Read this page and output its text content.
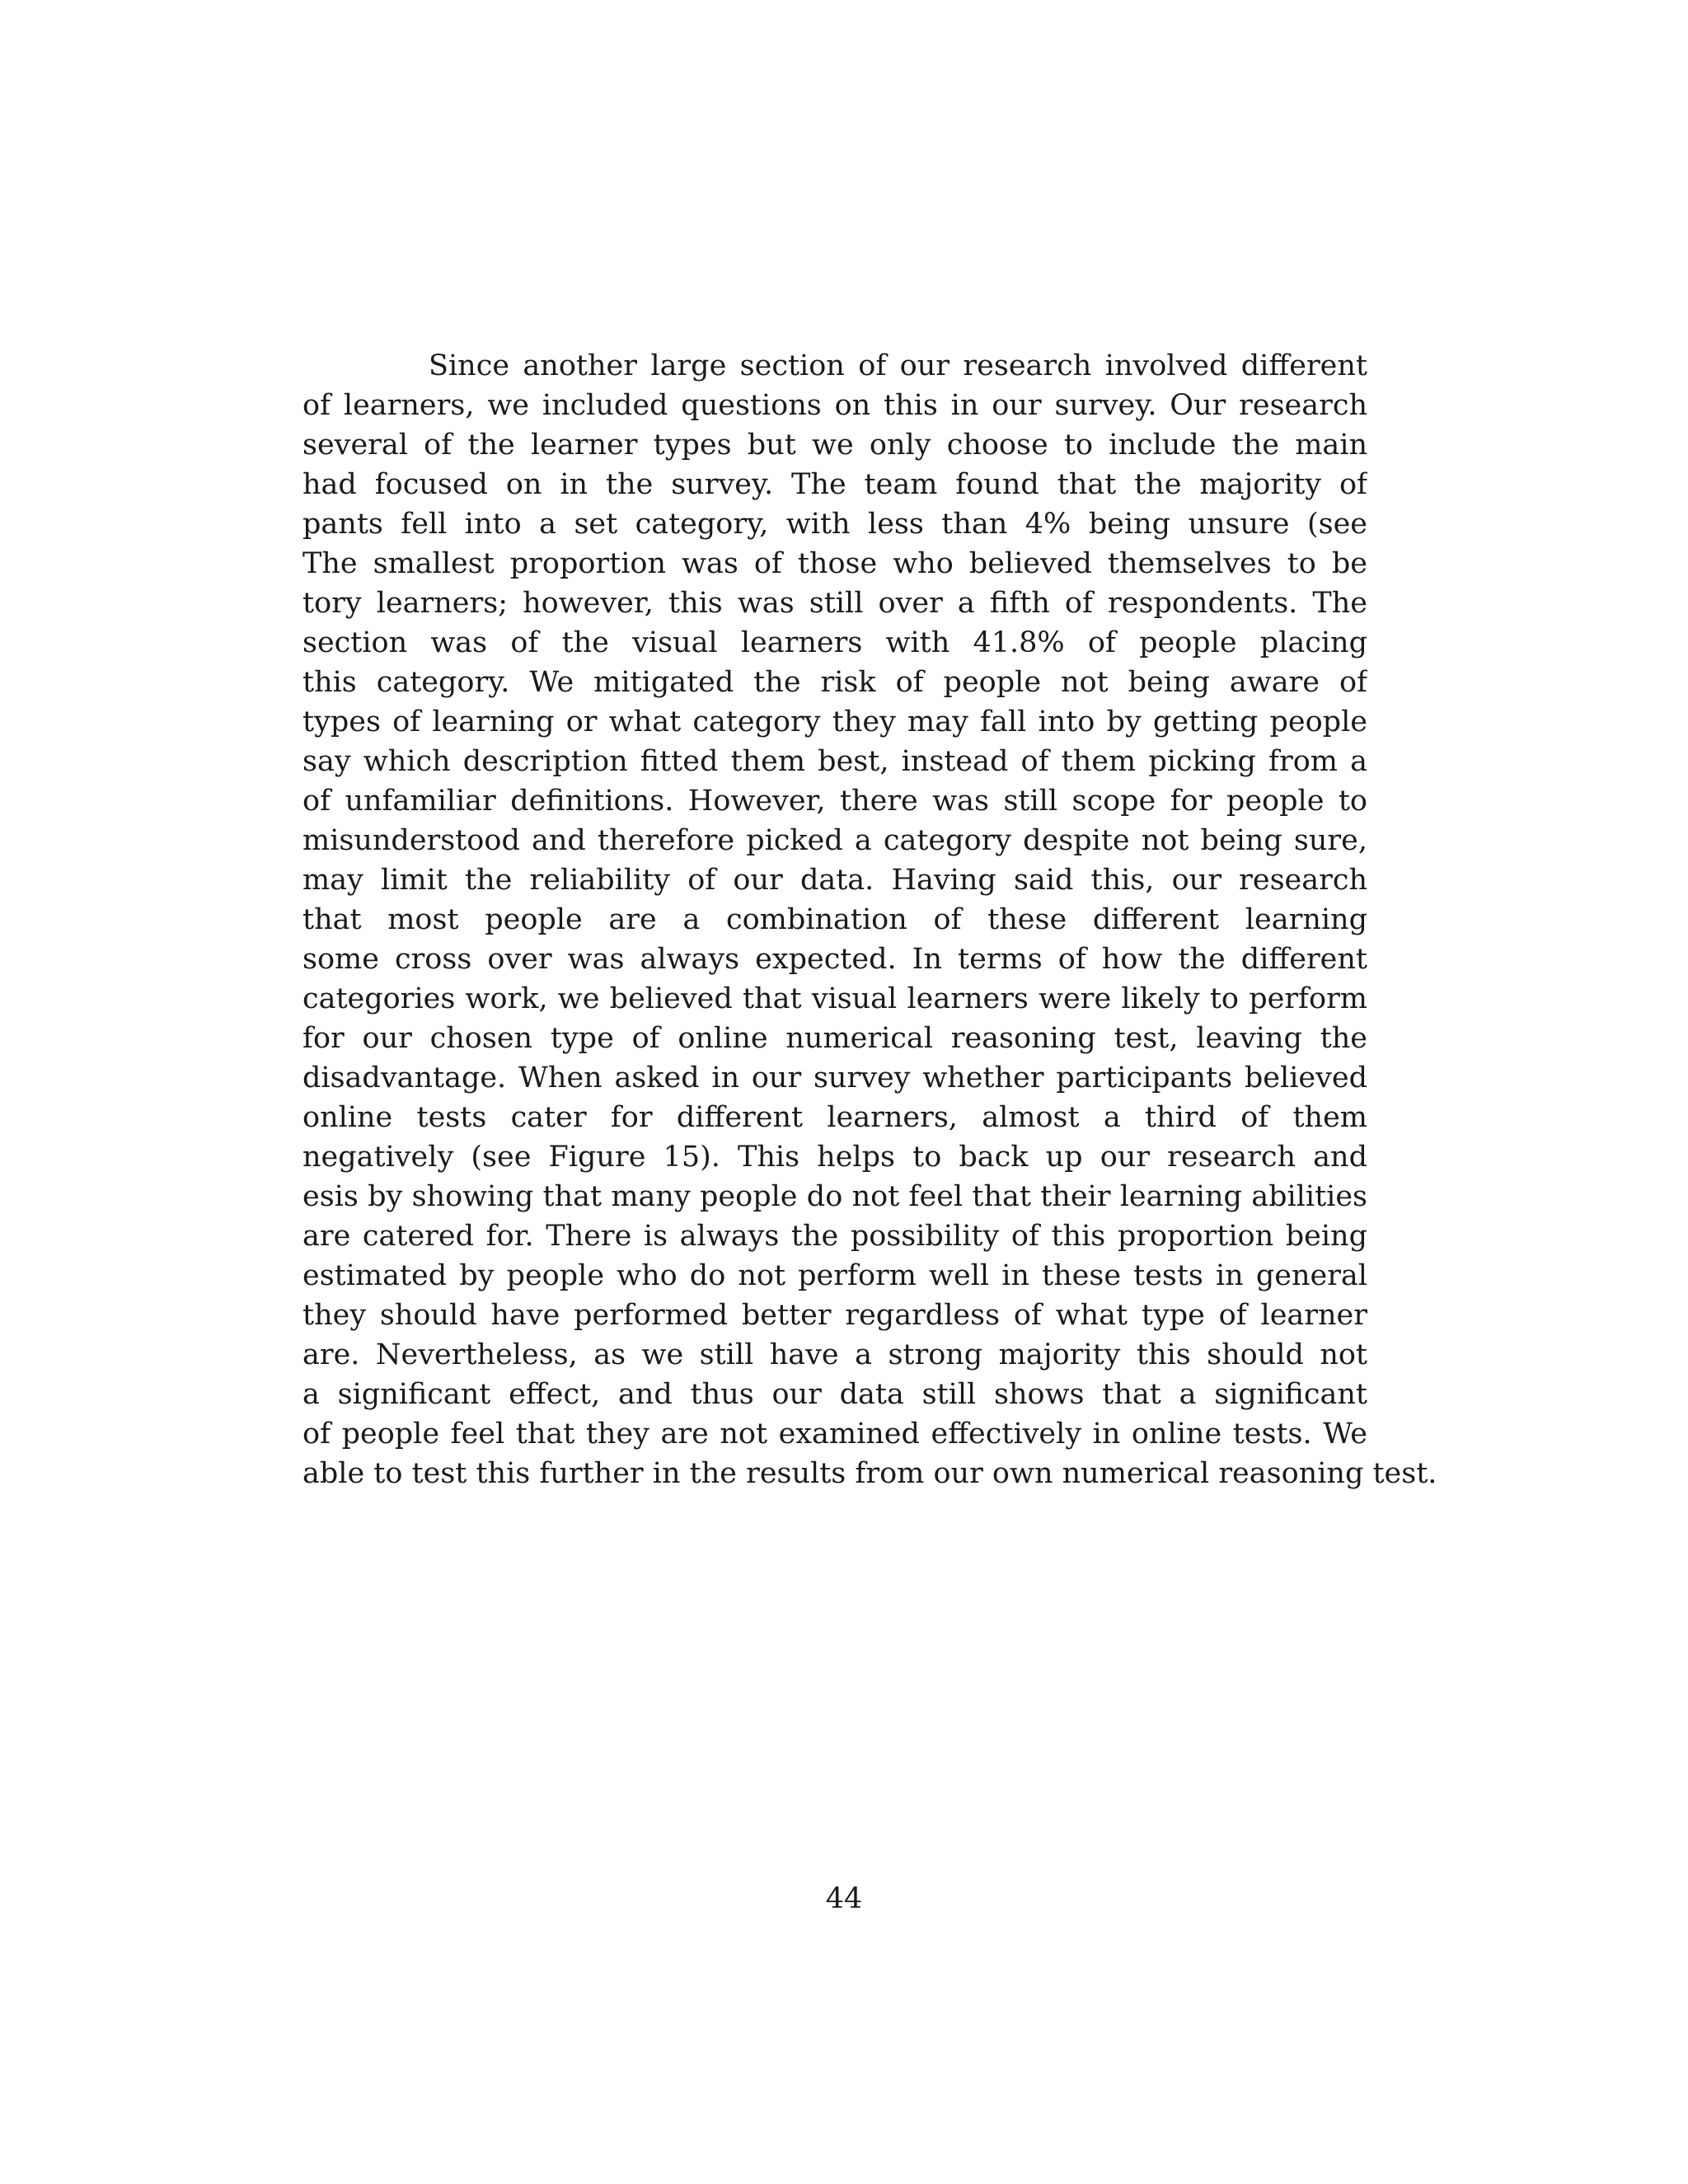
Since another large section of our research involved different
of learners, we included questions on this in our survey. Our research
several of the learner types but we only choose to include the main
had focused on in the survey. The team found that the majority of
pants fell into a set category, with less than 4% being unsure (see
The smallest proportion was of those who believed themselves to be
tory learners; however, this was still over a fifth of respondents. The
section was of the visual learners with 41.8% of people placing
this category. We mitigated the risk of people not being aware of
types of learning or what category they may fall into by getting people
say which description fitted them best, instead of them picking from a
of unfamiliar definitions. However, there was still scope for people to
misunderstood and therefore picked a category despite not being sure,
may limit the reliability of our data. Having said this, our research
that most people are a combination of these different learning
some cross over was always expected. In terms of how the different
categories work, we believed that visual learners were likely to perform
for our chosen type of online numerical reasoning test, leaving the
disadvantage. When asked in our survey whether participants believed
online tests cater for different learners, almost a third of them
negatively (see Figure 15). This helps to back up our research and
esis by showing that many people do not feel that their learning abilities
are catered for. There is always the possibility of this proportion being
estimated by people who do not perform well in these tests in general
they should have performed better regardless of what type of learner
are. Nevertheless, as we still have a strong majority this should not
a significant effect, and thus our data still shows that a significant
of people feel that they are not examined effectively in online tests. We
able to test this further in the results from our own numerical reasoning test.
44
